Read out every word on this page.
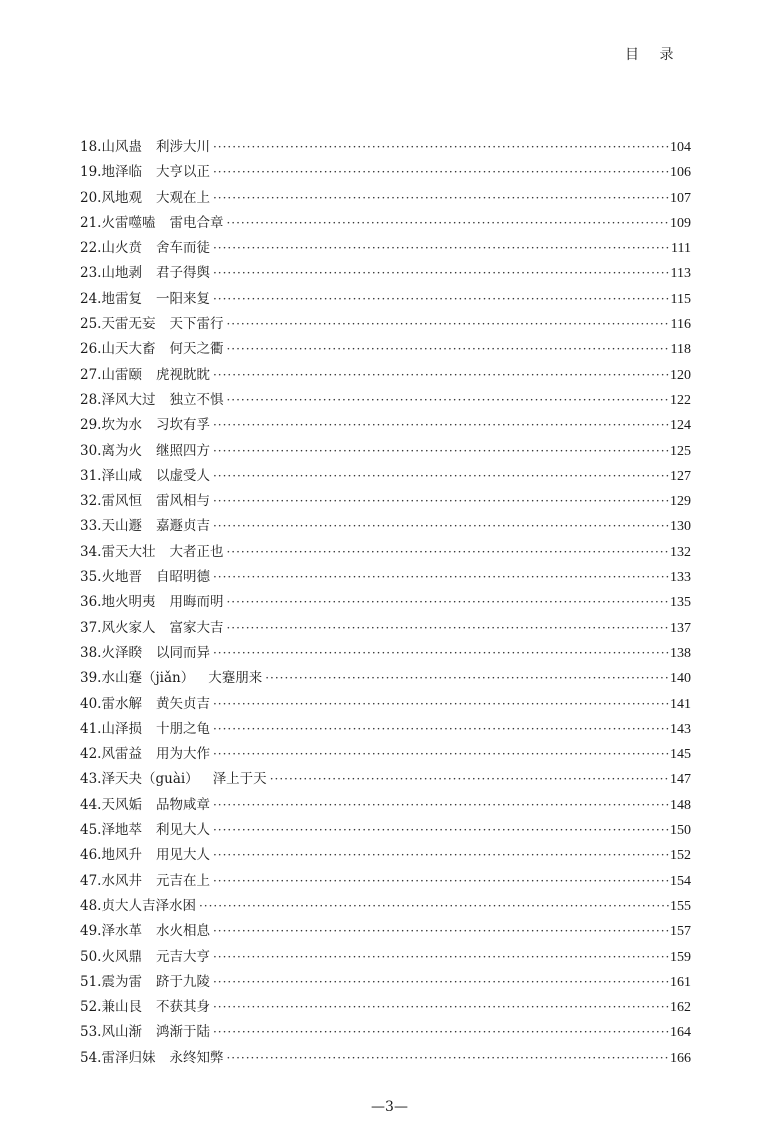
目 录
18. 山风蛊 利涉大川 ·····	104
19. 地泽临 大亨以正 ·····	106
20. 风地观 大观在上 ·····	107
21. 火雷噬嗑 雷电合章 ·····	109
22. 山火贲 舍车而徒 ·····	111
23. 山地剥 君子得舆 ·····	113
24. 地雷复 一阳来复 ·····	115
25. 天雷无妄 天下雷行 ·····	116
26. 山天大畜 何天之衢 ·····	118
27. 山雷颐 虎视眈眈 ·····	120
28. 泽风大过 独立不惧 ·····	122
29. 坎为水 习坎有孚 ·····	124
30. 离为火 继照四方 ·····	125
31. 泽山咸 以虚受人 ·····	127
32. 雷风恒 雷风相与 ·····	129
33. 天山遯 嘉遯贞吉 ·····	130
34. 雷天大壮 大者正也 ·····	132
35. 火地晋 自昭明德 ·····	133
36. 地火明夷 用晦而明 ·····	135
37. 风火家人 富家大吉 ·····	137
38. 火泽睽 以同而异 ·····	138
39. 水山蹇（jiǎn） 大蹇朋来 ·····	140
40. 雷水解 黄矢贞吉 ·····	141
41. 山泽损 十朋之龟 ·····	143
42. 风雷益 用为大作 ·····	145
43. 泽天夬（guài） 泽上于天 ·····	147
44. 天风姤 品物咸章 ·····	148
45. 泽地萃 利见大人 ·····	150
46. 地风升 用见大人 ·····	152
47. 水风井 元吉在上 ·····	154
48. 贞大人吉泽水困 ·····	155
49. 泽水革 水火相息 ·····	157
50. 火风鼎 元吉大亨 ·····	159
51. 震为雷 跻于九陵 ·····	161
52. 兼山艮 不获其身 ·····	162
53. 风山渐 鸿渐于陆 ·····	164
54. 雷泽归妹 永终知弊 ·····	166
—3—
